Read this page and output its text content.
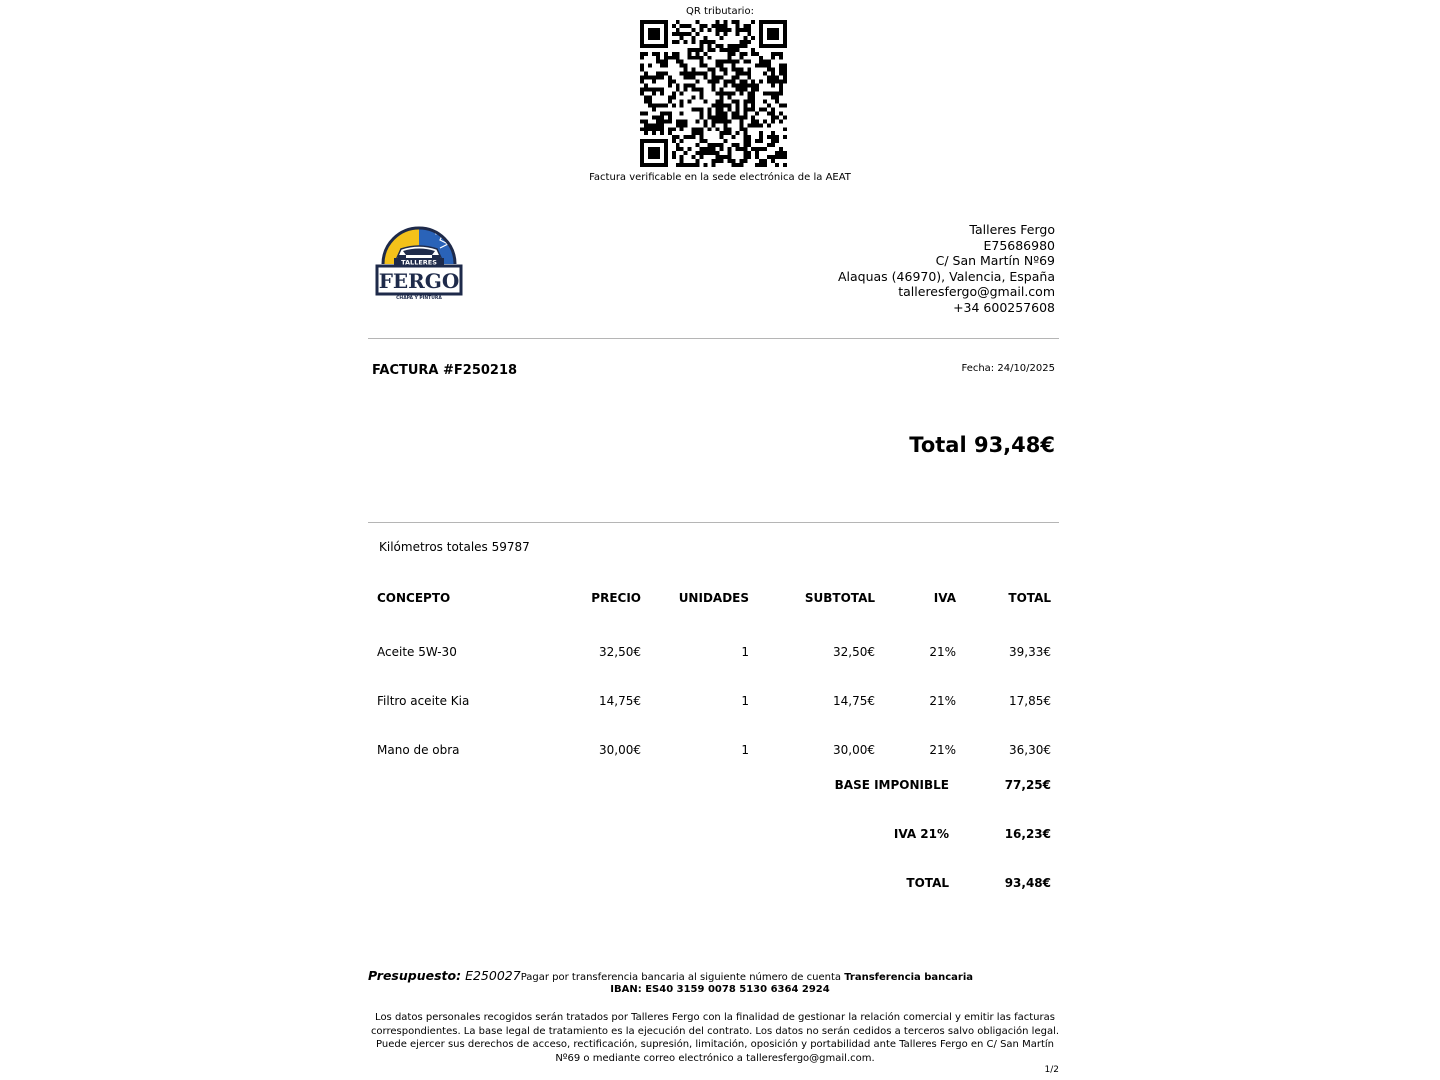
QR tributario:
Factura verificable en la sede electrónica de la AEAT
TALLERES
FERGO
CHAPA Y PINTURA
Talleres Fergo
E75686980
C/ San Martín Nº69
Alaquas (46970), Valencia, España
talleresfergo@gmail.com
+34 600257608
FACTURA #F250218	Fecha: 24/10/2025
Total 93,48€
Kilómetros totales 59787
CONCEPTO	PRECIO	UNIDADES	SUBTOTAL	IVA	TOTAL
Aceite 5W-30	32,50€	1	32,50€	21%	39,33€
Filtro aceite Kia	14,75€	1	14,75€	21%	17,85€
Mano de obra	30,00€	1	30,00€	21%	36,30€
BASE IMPONIBLE	77,25€
IVA 21%	16,23€
TOTAL	93,48€
Presupuesto: E250027Pagar por transferencia bancaria al siguiente número de cuenta Transferencia bancaria
IBAN: ES40 3159 0078 5130 6364 2924
Los datos personales recogidos serán tratados por Talleres Fergo con la finalidad de gestionar la relación comercial y emitir las facturas correspondientes. La base legal de tratamiento es la ejecución del contrato. Los datos no serán cedidos a terceros salvo obligación legal. Puede ejercer sus derechos de acceso, rectificación, supresión, limitación, oposición y portabilidad ante Talleres Fergo en C/ San Martín Nº69 o mediante correo electrónico a talleresfergo@gmail.com.
1/2
